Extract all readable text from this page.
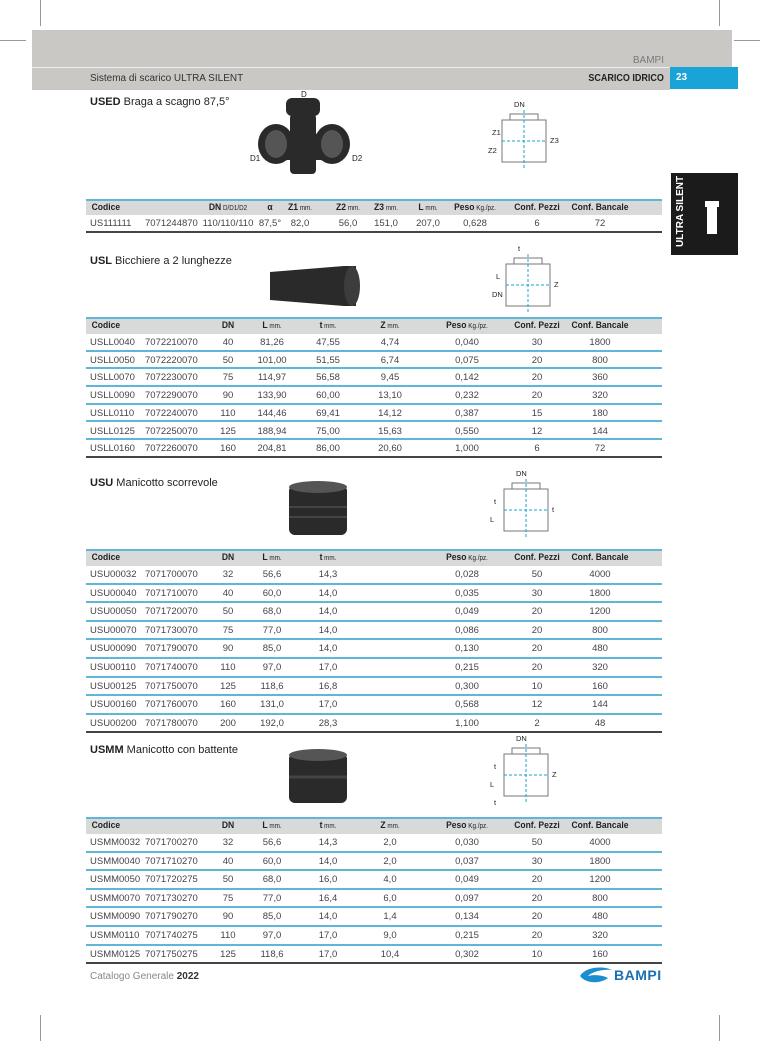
BAMPI
Sistema di scarico ULTRA SILENT	SCARICO IDRICO	23
ULTRA SILENT
USED Braga a scagno 87,5°
D
D1	D2
DN
Z1
Z2
Z3
Codice	DN D/D1/D2	α	Z1 mm.	Z2 mm.	Z3 mm.	L mm.	Peso Kg./pz.	Conf. Pezzi	Conf. Bancale
US111111 7071244870 110/110/110 87,5°	82,0	56,0	151,0	207,0	0,628	6	72
USL Bicchiere a 2 lunghezze
t
L
DN
Z
Codice	DN	L mm.	t mm.	Z mm.	Peso Kg./pz.	Conf. Pezzi	Conf. Bancale
USLL0040 7072210070	40	81,26	47,55	4,74	0,040	30	1800
USLL0050 7072220070	50	101,00	51,55	6,74	0,075	20	800
USLL0070 7072230070	75	114,97	56,58	9,45	0,142	20	360
USLL0090 7072290070	90	133,90	60,00	13,10	0,232	20	320
USLL0110 7072240070	110	144,46	69,41	14,12	0,387	15	180
USLL0125 7072250070	125	188,94	75,00	15,63	0,550	12	144
USLL0160 7072260070	160	204,81	86,00	20,60	1,000	6	72
USU Manicotto scorrevole
DN
t
L
t
Codice	DN	L mm.	t mm.	Peso Kg./pz.	Conf. Pezzi	Conf. Bancale
USU00032 7071700070	32	56,6	14,3	0,028	50	4000
USU00040 7071710070	40	60,0	14,0	0,035	30	1800
USU00050 7071720070	50	68,0	14,0	0,049	20	1200
USU00070 7071730070	75	77,0	14,0	0,086	20	800
USU00090 7071790070	90	85,0	14,0	0,130	20	480
USU00110 7071740070	110	97,0	17,0	0,215	20	320
USU00125 7071750070	125	118,6	16,8	0,300	10	160
USU00160 7071760070	160	131,0	17,0	0,568	12	144
USU00200 7071780070	200	192,0	28,3	1,100	2	48
USMM Manicotto con battente
DN
t
L
Z
t
Codice	DN	L mm.	t mm.	Z mm.	Peso Kg./pz.	Conf. Pezzi	Conf. Bancale
USMM0032 7071700270	32	56,6	14,3	2,0	0,030	50	4000
USMM0040 7071710270	40	60,0	14,0	2,0	0,037	30	1800
USMM0050 7071720275	50	68,0	16,0	4,0	0,049	20	1200
USMM0070 7071730270	75	77,0	16,4	6,0	0,097	20	800
USMM0090 7071790270	90	85,0	14,0	1,4	0,134	20	480
USMM0110 7071740275	110	97,0	17,0	9,0	0,215	20	320
USMM0125 7071750275	125	118,6	17,0	10,4	0,302	10	160
Catalogo Generale 2022	BAMPI
